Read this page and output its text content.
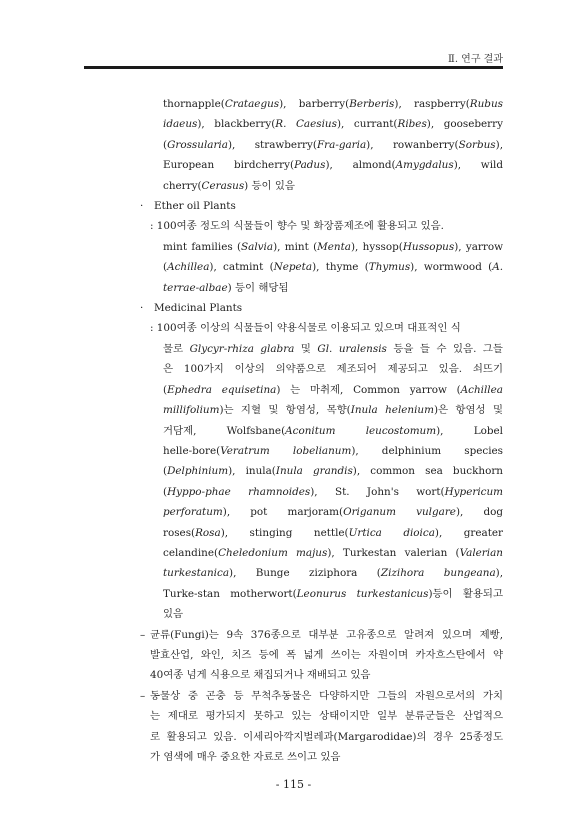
Ⅱ. 연구 결과
thornapple(Crataegus), barberry(Berberis), raspberry(Rubus
idaeus), blackberry(R. Caesius), currant(Ribes), gooseberry
(Grossularia), strawberry(Fra-garia), rowanberry(Sorbus),
European birdcherry(Padus), almond(Amygdalus), wild
cherry(Cerasus) 등이 있음
· Ether oil Plants
: 100여종 정도의 식물들이 향수 및 화장품제조에 활용되고 있음.
mint families (Salvia), mint (Menta), hyssop(Hussopus), yarrow
(Achillea), catmint (Nepeta), thyme (Thymus), wormwood (A.
terrae-albae) 등이 해당됨
· Medicinal Plants
: 100여종 이상의 식물들이 약용식물로 이용되고 있으며 대표적인 식
물로 Glycyr-rhiza glabra 및 Gl. uralensis 등을 들 수 있음. 그들
은 100가지 이상의 의약품으로 제조되어 제공되고 있음. 쇠뜨기
(Ephedra equisetina) 는 마취제, Common yarrow (Achillea
millifolium)는 지혈 및 항염성, 목향(Inula helenium)은 항염성 및
거담제, Wolfsbane(Aconitum leucostomum), Lobel
helle-bore(Veratrum lobelianum), delphinium species
(Delphinium), inula(Inula grandis), common sea buckhorn
(Hyppo-phae rhamnoides), St. John's wort(Hypericum
perforatum), pot marjoram(Origanum vulgare), dog
roses(Rosa), stinging nettle(Urtica dioica), greater
celandine(Cheledonium majus), Turkestan valerian (Valerian
turkestanica), Bunge ziziphora (Zizihora bungeana),
Turke-stan motherwort(Leonurus turkestanicus)등이 활용되고
있음
– 균류(Fungi)는 9속 376종으로 대부분 고유종으로 알려져 있으며 제빵,
발효산업, 와인, 치즈 등에 폭 넓게 쓰이는 자원이며 카자흐스탄에서 약
40여종 넘게 식용으로 채집되거나 재배되고 있음
– 동물상 중 곤충 등 무척추동물은 다양하지만 그들의 자원으로서의 가치
는 제대로 평가되지 못하고 있는 상태이지만 일부 분류군들은 산업적으
로 활용되고 있음. 이세리아깍지벌레과(Margarodidae)의 경우 25종정도
가 염색에 매우 중요한 자료로 쓰이고 있음
- 115 -
